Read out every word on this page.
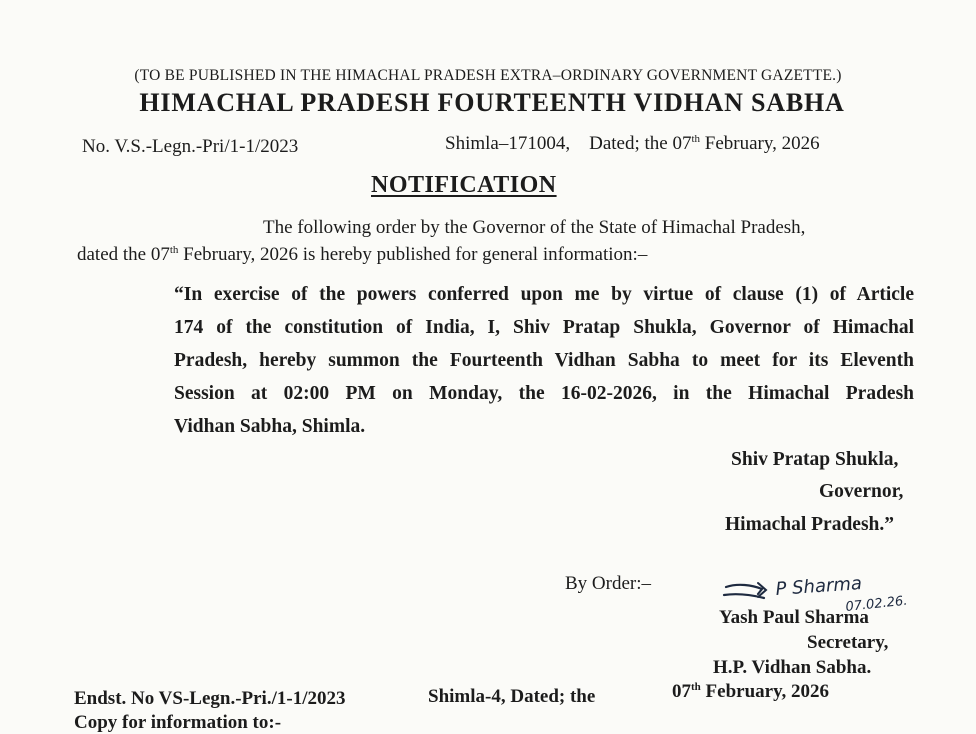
(TO BE PUBLISHED IN THE HIMACHAL PRADESH EXTRA–ORDINARY GOVERNMENT GAZETTE.)
HIMACHAL PRADESH FOURTEENTH VIDHAN SABHA
No. V.S.-Legn.-Pri/1-1/2023	Shimla–171004, Dated; the 07th February, 2026
NOTIFICATION
The following order by the Governor of the State of Himachal Pradesh,
dated the 07th February, 2026 is hereby published for general information:–
“In exercise of the powers conferred upon me by virtue of clause (1) of Article
174 of the constitution of India, I, Shiv Pratap Shukla, Governor of Himachal
Pradesh, hereby summon the Fourteenth Vidhan Sabha to meet for its Eleventh
Session at 02:00 PM on Monday, the 16-02-2026, in the Himachal Pradesh
Vidhan Sabha, Shimla.
Shiv Pratap Shukla,
Governor,
Himachal Pradesh.”
By Order:–	P Sharma
07.02.26.
Yash Paul Sharma
Secretary,
H.P. Vidhan Sabha.
Endst. No VS-Legn.-Pri./1-1/2023	Shimla-4, Dated; the	07th February, 2026
Copy for information to:-
